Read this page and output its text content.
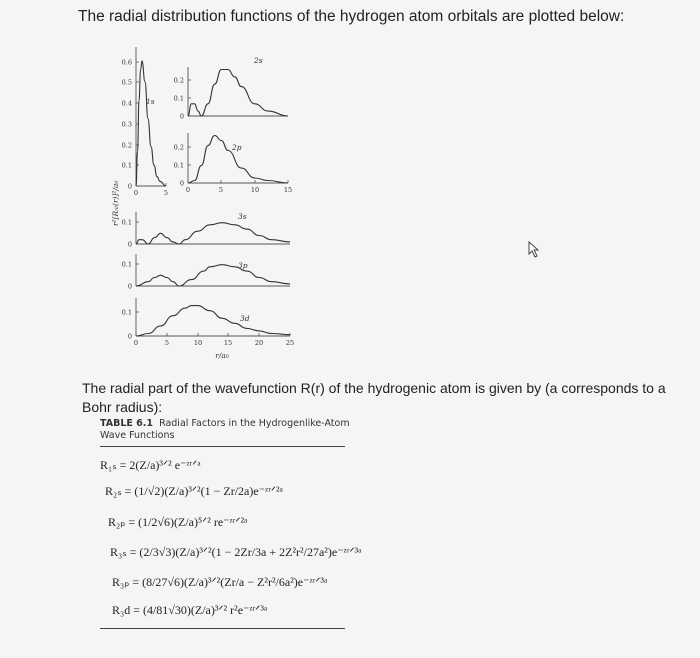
The radial distribution functions of the hydrogen atom orbitals are plotted below:
0
0.1
0.2
0.3
0.4
0.5
0.6
0	5
1s
0
0.1
0.2
2s
0
0.1
0.2
0	5	10	15
2p
0
0.1
3s
0
0.1	3p
0
0.1
0	5	10	15	20	25
3d
r²[Rₙₗ(r)]²/a₀
r/a₀
The radial part of the wavefunction R(r) of the hydrogenic atom is given by (a corresponds to a
Bohr radius):
TABLE 6.1 Radial Factors in the Hydrogenlike-Atom
Wave Functions
R₁ₛ = 2(Z/a)³ᐟ² e⁻ᶻʳᐟᵃ
R₂ₛ = (1/√2)(Z/a)³ᐟ²(1 − Zr/2a)e⁻ᶻʳᐟ²ᵃ
R₂ₚ = (1/2√6)(Z/a)⁵ᐟ² re⁻ᶻʳᐟ²ᵃ
R₃ₛ = (2/3√3)(Z/a)³ᐟ²(1 − 2Zr/3a + 2Z²r²/27a²)e⁻ᶻʳᐟ³ᵃ
R₃ₚ = (8/27√6)(Z/a)³ᐟ²(Zr/a − Z²r²/6a²)e⁻ᶻʳᐟ³ᵃ
R₃d = (4/81√30)(Z/a)³ᐟ² r²e⁻ᶻʳᐟ³ᵃ
